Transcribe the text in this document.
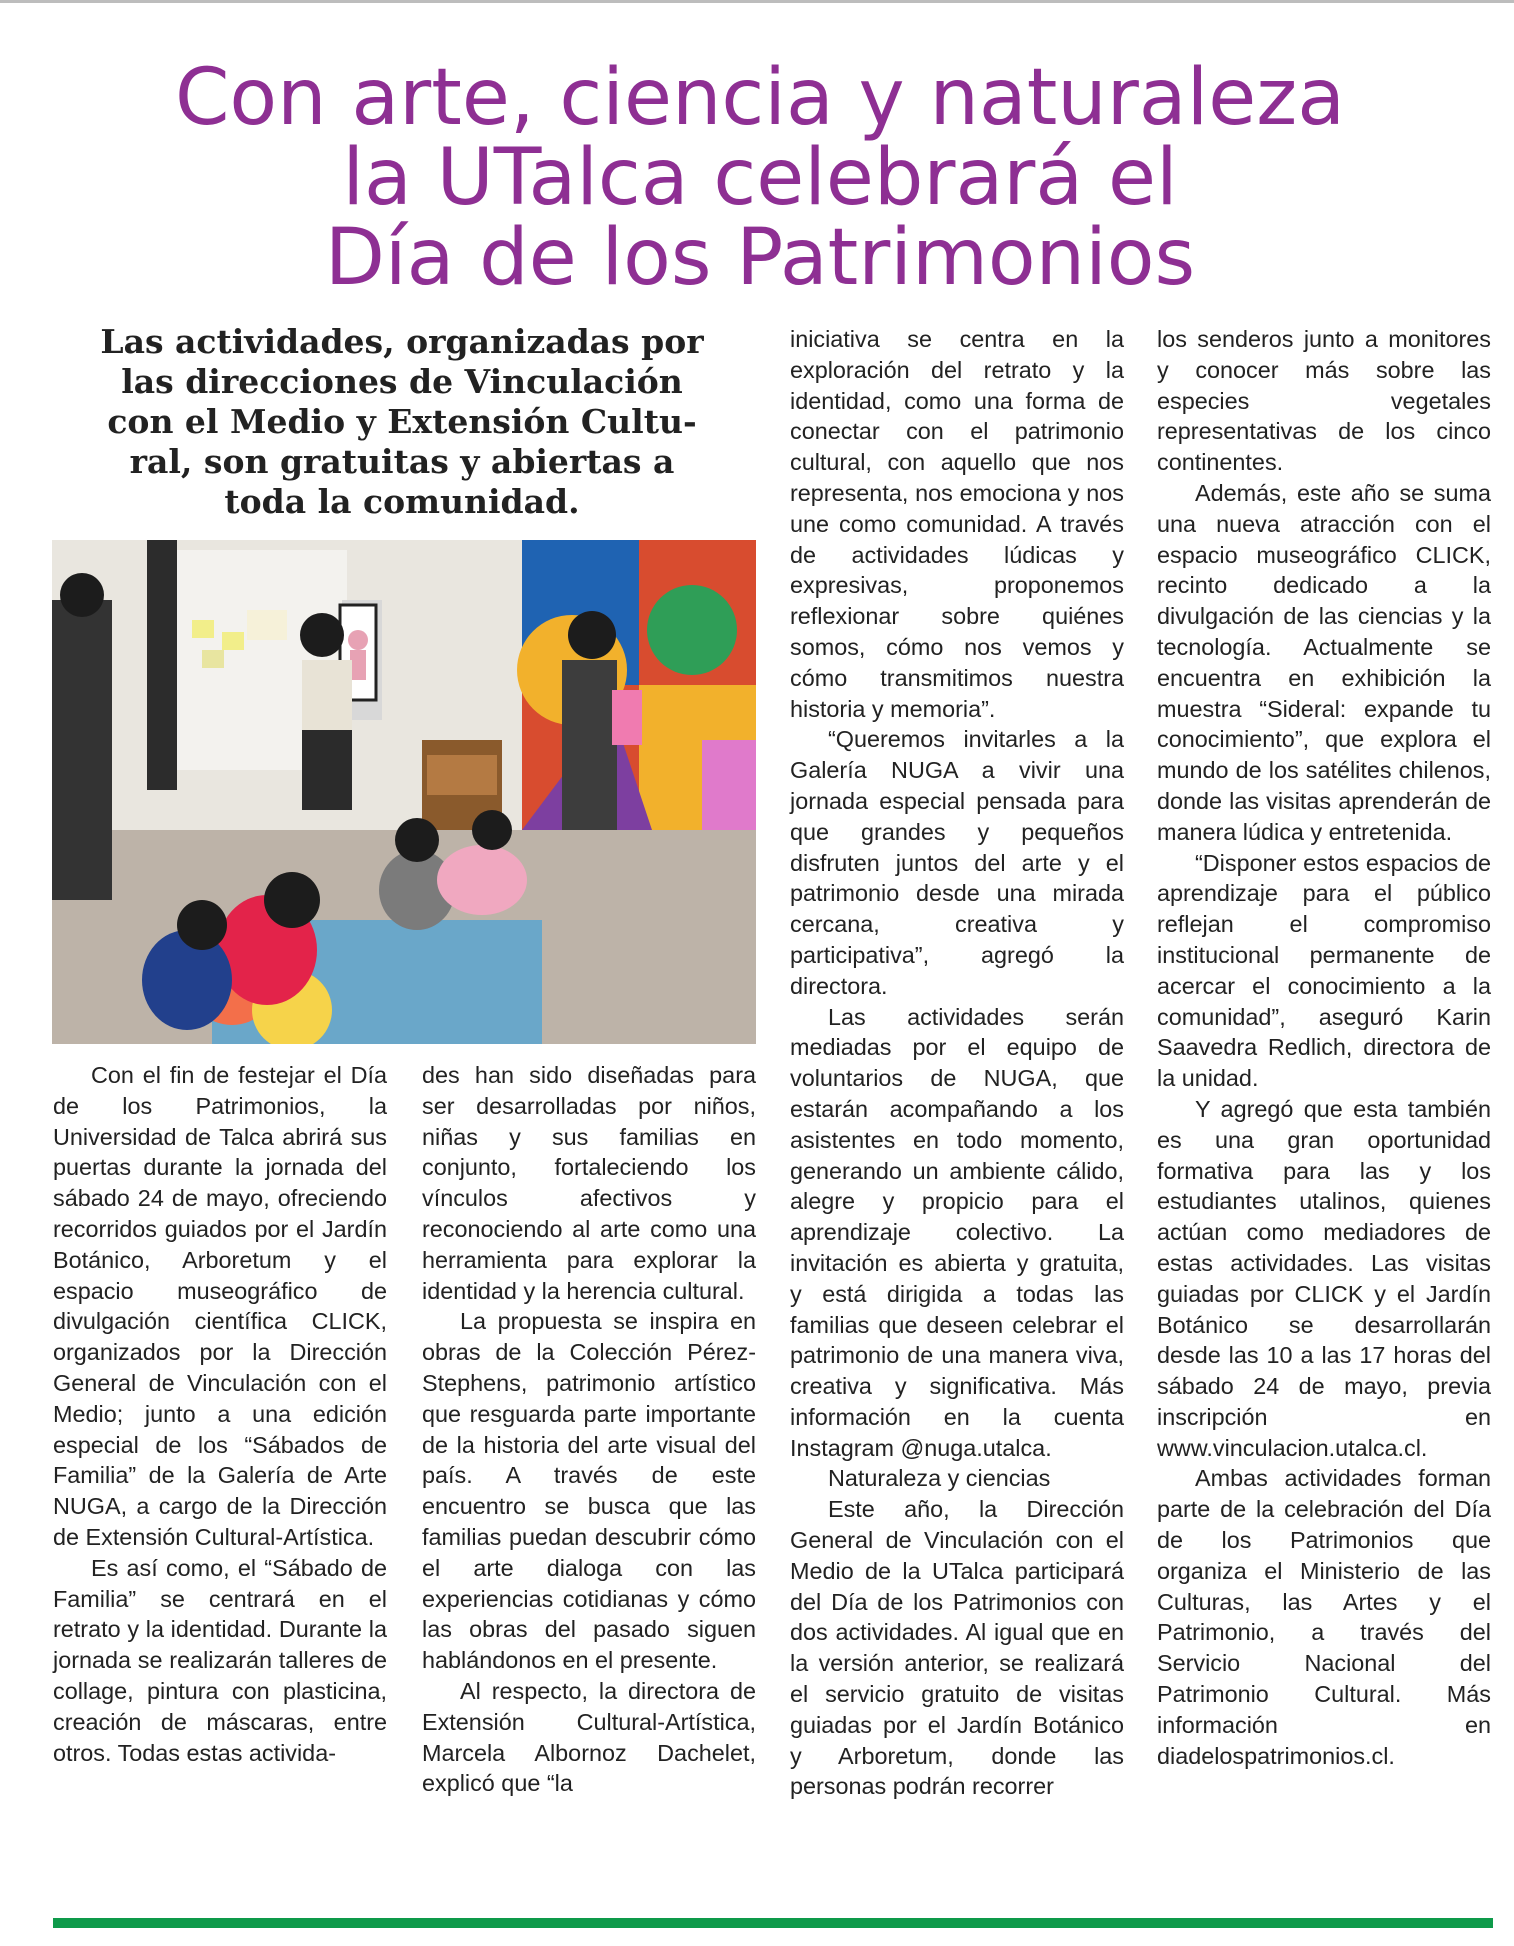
Con arte, ciencia y naturaleza
la UTalca celebrará el
Día de los Patrimonios
Las actividades, organizadas por
las direcciones de Vinculación
con el Medio y Extensión Cultu-
ral, son gratuitas y abiertas a
toda la comunidad.

Con el fin de festejar el Día de los Patrimonios, la Universidad de Talca abrirá sus puertas durante la jornada del sábado 24 de mayo, ofreciendo recorridos guiados por el Jardín Botánico, Arboretum y el espacio museográfico de divulgación científica CLICK, organizados por la Dirección General de Vinculación con el Medio; junto a una edición especial de los “Sábados de Familia” de la Galería de Arte NUGA, a cargo de la Dirección de Extensión Cultural-Artística.

Es así como, el “Sábado de Familia” se centrará en el retrato y la identidad. Durante la jornada se realizarán talleres de collage, pintura con plasticina, creación de máscaras, entre otros. Todas estas activida-

des han sido diseñadas para ser desarrolladas por niños, niñas y sus familias en conjunto, fortaleciendo los vínculos afectivos y reconociendo al arte como una herramienta para explorar la identidad y la herencia cultural.

La propuesta se inspira en obras de la Colección Pérez-Stephens, patrimonio artístico que resguarda parte importante de la historia del arte visual del país. A través de este encuentro se busca que las familias puedan descubrir cómo el arte dialoga con las experiencias cotidianas y cómo las obras del pasado siguen hablándonos en el presente.

Al respecto, la directora de Extensión Cultural-Artística, Marcela Albornoz Dachelet, explicó que “la

iniciativa se centra en la exploración del retrato y la identidad, como una forma de conectar con el patrimonio cultural, con aquello que nos representa, nos emociona y nos une como comunidad. A través de actividades lúdicas y expresivas, proponemos reflexionar sobre quiénes somos, cómo nos vemos y cómo transmitimos nuestra historia y memoria”.

“Queremos invitarles a la Galería NUGA a vivir una jornada especial pensada para que grandes y pequeños disfruten juntos del arte y el patrimonio desde una mirada cercana, creativa y participativa”, agregó la directora.

Las actividades serán mediadas por el equipo de voluntarios de NUGA, que estarán acompañando a los asistentes en todo momento, generando un ambiente cálido, alegre y propicio para el aprendizaje colectivo. La invitación es abierta y gratuita, y está dirigida a todas las familias que deseen celebrar el patrimonio de una manera viva, creativa y significativa. Más información en la cuenta Instagram @nuga.utalca.

Naturaleza y ciencias

Este año, la Dirección General de Vinculación con el Medio de la UTalca participará del Día de los Patrimonios con dos actividades. Al igual que en la versión anterior, se realizará el servicio gratuito de visitas guiadas por el Jardín Botánico y Arboretum, donde las personas podrán recorrer

los senderos junto a monitores y conocer más sobre las especies vegetales representativas de los cinco continentes.

Además, este año se suma una nueva atracción con el espacio museográfico CLICK, recinto dedicado a la divulgación de las ciencias y la tecnología. Actualmente se encuentra en exhibición la muestra “Sideral: expande tu conocimiento”, que explora el mundo de los satélites chilenos, donde las visitas aprenderán de manera lúdica y entretenida.

“Disponer estos espacios de aprendizaje para el público reflejan el compromiso institucional permanente de acercar el conocimiento a la comunidad”, aseguró Karin Saavedra Redlich, directora de la unidad.

Y agregó que esta también es una gran oportunidad formativa para las y los estudiantes utalinos, quienes actúan como mediadores de estas actividades. Las visitas guiadas por CLICK y el Jardín Botánico se desarrollarán desde las 10 a las 17 horas del sábado 24 de mayo, previa inscripción en www.vinculacion.utalca.cl.

Ambas actividades forman parte de la celebración del Día de los Patrimonios que organiza el Ministerio de las Culturas, las Artes y el Patrimonio, a través del Servicio Nacional del Patrimonio Cultural. Más información en diadelospatrimonios.cl.
